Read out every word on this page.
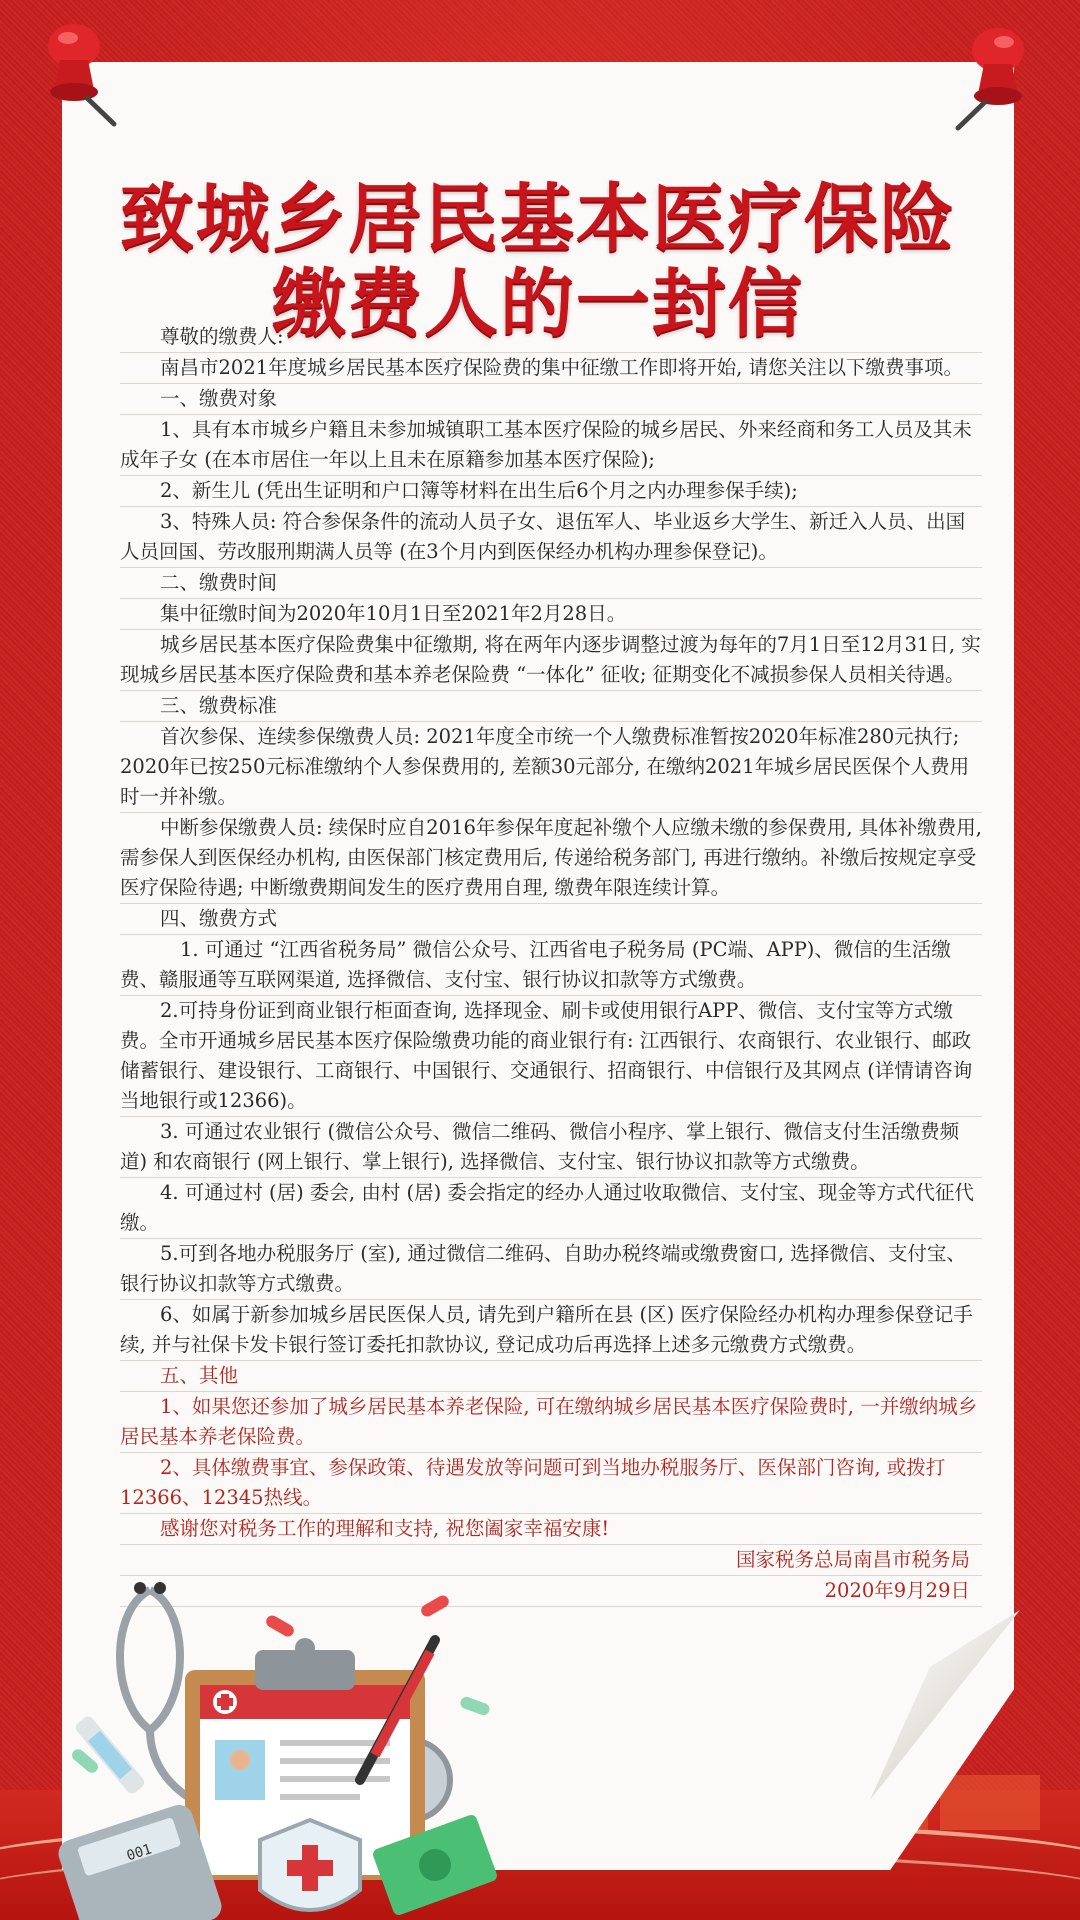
致城乡居民基本医疗保险
缴费人的一封信

尊敬的缴费人:

南昌市2021年度城乡居民基本医疗保险费的集中征缴工作即将开始, 请您关注以下缴费事项。

一、缴费对象

1、具有本市城乡户籍且未参加城镇职工基本医疗保险的城乡居民、外来经商和务工人员及其未成年子女 (在本市居住一年以上且未在原籍参加基本医疗保险);

2、新生儿 (凭出生证明和户口簿等材料在出生后6个月之内办理参保手续);

3、特殊人员: 符合参保条件的流动人员子女、退伍军人、毕业返乡大学生、新迁入人员、出国人员回国、劳改服刑期满人员等 (在3个月内到医保经办机构办理参保登记)。

二、缴费时间

集中征缴时间为2020年10月1日至2021年2月28日。

城乡居民基本医疗保险费集中征缴期, 将在两年内逐步调整过渡为每年的7月1日至12月31日, 实现城乡居民基本医疗保险费和基本养老保险费 “一体化” 征收; 征期变化不减损参保人员相关待遇。

三、缴费标准

首次参保、连续参保缴费人员: 2021年度全市统一个人缴费标准暂按2020年标准280元执行; 2020年已按250元标准缴纳个人参保费用的, 差额30元部分, 在缴纳2021年城乡居民医保个人费用时一并补缴。

中断参保缴费人员: 续保时应自2016年参保年度起补缴个人应缴未缴的参保费用, 具体补缴费用, 需参保人到医保经办机构, 由医保部门核定费用后, 传递给税务部门, 再进行缴纳。补缴后按规定享受医疗保险待遇; 中断缴费期间发生的医疗费用自理, 缴费年限连续计算。

四、缴费方式

1. 可通过 “江西省税务局” 微信公众号、江西省电子税务局 (PC端、APP)、微信的生活缴费、赣服通等互联网渠道, 选择微信、支付宝、银行协议扣款等方式缴费。

2.可持身份证到商业银行柜面查询, 选择现金、刷卡或使用银行APP、微信、支付宝等方式缴费。全市开通城乡居民基本医疗保险缴费功能的商业银行有: 江西银行、农商银行、农业银行、邮政储蓄银行、建设银行、工商银行、中国银行、交通银行、招商银行、中信银行及其网点 (详情请咨询当地银行或12366)。

3. 可通过农业银行 (微信公众号、微信二维码、微信小程序、掌上银行、微信支付生活缴费频道) 和农商银行 (网上银行、掌上银行), 选择微信、支付宝、银行协议扣款等方式缴费。

4. 可通过村 (居) 委会, 由村 (居) 委会指定的经办人通过收取微信、支付宝、现金等方式代征代缴。

5.可到各地办税服务厅 (室), 通过微信二维码、自助办税终端或缴费窗口, 选择微信、支付宝、银行协议扣款等方式缴费。

6、如属于新参加城乡居民医保人员, 请先到户籍所在县 (区) 医疗保险经办机构办理参保登记手续, 并与社保卡发卡银行签订委托扣款协议, 登记成功后再选择上述多元缴费方式缴费。

五、其他

1、如果您还参加了城乡居民基本养老保险, 可在缴纳城乡居民基本医疗保险费时, 一并缴纳城乡居民基本养老保险费。

2、具体缴费事宜、参保政策、待遇发放等问题可到当地办税服务厅、医保部门咨询, 或拨打12366、12345热线。

感谢您对税务工作的理解和支持, 祝您阖家幸福安康!

国家税务总局南昌市税务局

2020年9月29日

001
